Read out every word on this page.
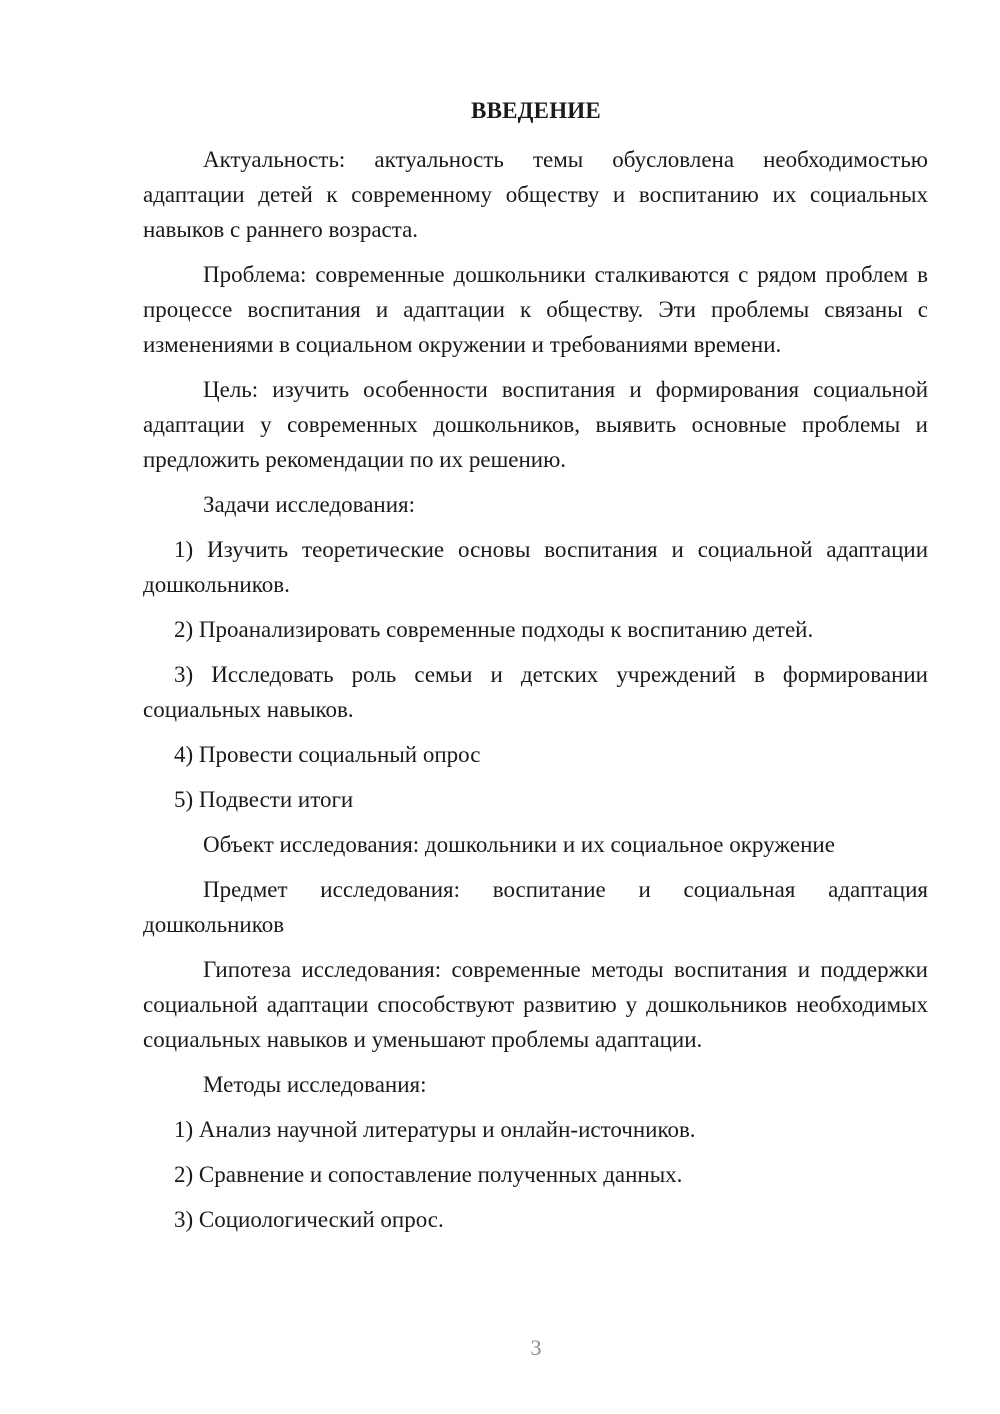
ВВЕДЕНИЕ

Актуальность: актуальность темы обусловлена необходимостью адаптации детей к современному обществу и воспитанию их социальных навыков с раннего возраста.

Проблема: современные дошкольники сталкиваются с рядом проблем в процессе воспитания и адаптации к обществу. Эти проблемы связаны с изменениями в социальном окружении и требованиями времени.

Цель: изучить особенности воспитания и формирования социальной адаптации у современных дошкольников, выявить основные проблемы и предложить рекомендации по их решению.

Задачи исследования:

1) Изучить теоретические основы воспитания и социальной адаптации дошкольников.

2) Проанализировать современные подходы к воспитанию детей.

3) Исследовать роль семьи и детских учреждений в формировании социальных навыков.

4) Провести социальный опрос

5) Подвести итоги

Объект исследования: дошкольники и их социальное окружение

Предмет исследования: воспитание и социальная адаптация дошкольников

Гипотеза исследования: современные методы воспитания и поддержки социальной адаптации способствуют развитию у дошкольников необходимых социальных навыков и уменьшают проблемы адаптации.

Методы исследования:

1) Анализ научной литературы и онлайн-источников.

2) Сравнение и сопоставление полученных данных.

3) Социологический опрос.

3
